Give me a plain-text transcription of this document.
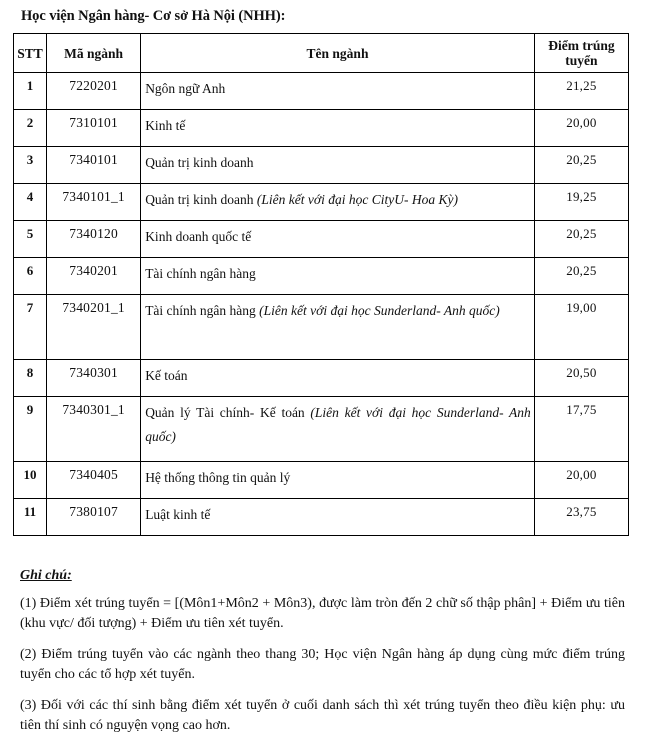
Học viện Ngân hàng- Cơ sở Hà Nội (NHH):
STT	Mã ngành	Tên ngành	Điểm trúng tuyển
1	7220201	Ngôn ngữ Anh	21,25
2	7310101	Kinh tế	20,00
3	7340101	Quản trị kinh doanh	20,25
4	7340101_1	Quản trị kinh doanh (Liên kết với đại học CityU- Hoa Kỳ)	19,25
5	7340120	Kinh doanh quốc tế	20,25
6	7340201	Tài chính ngân hàng	20,25
7	7340201_1	Tài chính ngân hàng (Liên kết với đại học Sunderland- Anh quốc)	19,00
8	7340301	Kế toán	20,50
9	7340301_1	Quản lý Tài chính- Kế toán (Liên kết với đại học Sunderland- Anh quốc)	17,75
10	7340405	Hệ thống thông tin quản lý	20,00
11	7380107	Luật kinh tế	23,75
Ghi chú:

(1) Điểm xét trúng tuyển = [(Môn1+Môn2 + Môn3), được làm tròn đến 2 chữ số thập phân] + Điểm ưu tiên (khu vực/ đối tượng) + Điểm ưu tiên xét tuyển.

(2) Điểm trúng tuyển vào các ngành theo thang 30; Học viện Ngân hàng áp dụng cùng mức điểm trúng tuyển cho các tổ hợp xét tuyển.

(3) Đối với các thí sinh bằng điểm xét tuyển ở cuối danh sách thì xét trúng tuyển theo điều kiện phụ: ưu tiên thí sinh có nguyện vọng cao hơn.
